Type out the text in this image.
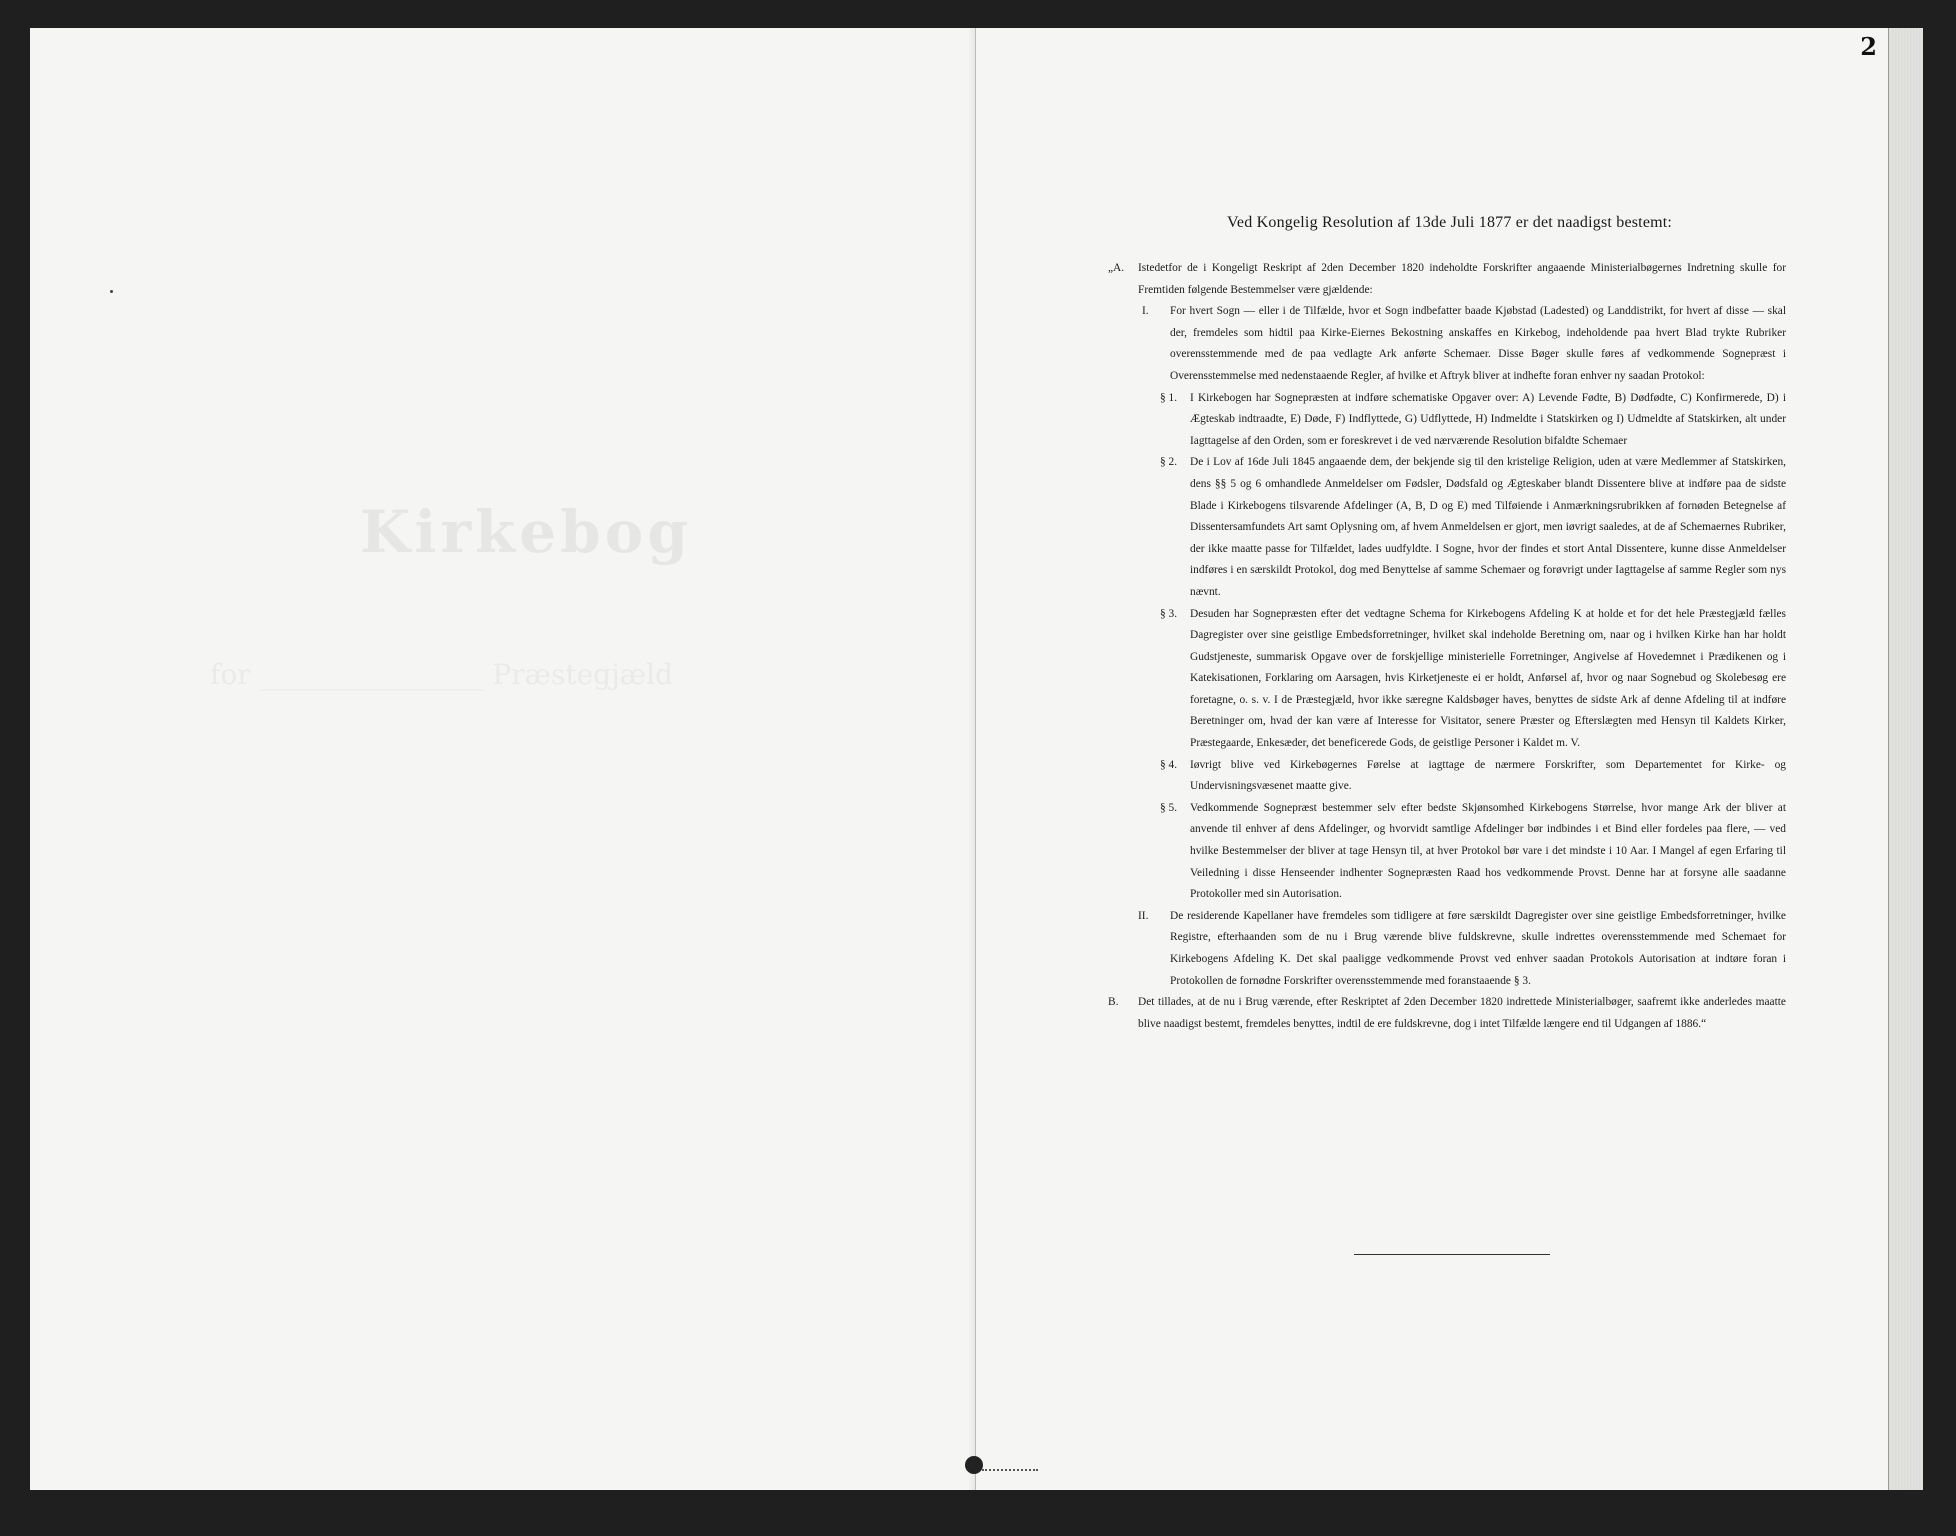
Kirkebog
for ________________ Præstegjæld
2
Ved Kongelig Resolution af 13de Juli 1877 er det naadigst bestemt:
„A. Istedetfor de i Kongeligt Reskript af 2den December 1820 indeholdte Forskrifter angaaende Ministerialbøgernes Indretning skulle for Fremtiden følgende Bestemmelser være gjældende:
I. For hvert Sogn — eller i de Tilfælde, hvor et Sogn indbefatter baade Kjøbstad (Ladested) og Landdistrikt, for hvert af disse — skal der, fremdeles som hidtil paa Kirke-Eiernes Bekostning anskaffes en Kirkebog, indeholdende paa hvert Blad trykte Rubriker overensstemmende med de paa vedlagte Ark anførte Schemaer. Disse Bøger skulle føres af vedkommende Sognepræst i Overensstemmelse med nedenstaaende Regler, af hvilke et Aftryk bliver at indhefte foran enhver ny saadan Protokol:
§ 1. I Kirkebogen har Sognepræsten at indføre schematiske Opgaver over: A) Levende Fødte, B) Dødfødte, C) Konfirmerede, D) i Ægteskab indtraadte, E) Døde, F) Indflyttede, G) Udflyttede, H) Indmeldte i Statskirken og I) Udmeldte af Statskirken, alt under Iagttagelse af den Orden, som er foreskrevet i de ved nærværende Resolution bifaldte Schemaer
§ 2. De i Lov af 16de Juli 1845 angaaende dem, der bekjende sig til den kristelige Religion, uden at være Medlemmer af Statskirken, dens §§ 5 og 6 omhandlede Anmeldelser om Fødsler, Dødsfald og Ægteskaber blandt Dissentere blive at indføre paa de sidste Blade i Kirkebogens tilsvarende Afdelinger (A, B, D og E) med Tilføiende i Anmærkningsrubrikken af fornøden Betegnelse af Dissentersamfundets Art samt Oplysning om, af hvem Anmeldelsen er gjort, men iøvrigt saaledes, at de af Schemaernes Rubriker, der ikke maatte passe for Tilfældet, lades uudfyldte. I Sogne, hvor der findes et stort Antal Dissentere, kunne disse Anmeldelser indføres i en særskildt Protokol, dog med Benyttelse af samme Schemaer og forøvrigt under Iagttagelse af samme Regler som nys nævnt.
§ 3. Desuden har Sognepræsten efter det vedtagne Schema for Kirkebogens Afdeling K at holde et for det hele Præstegjæld fælles Dagregister over sine geistlige Embedsforretninger, hvilket skal indeholde Beretning om, naar og i hvilken Kirke han har holdt Gudstjeneste, summarisk Opgave over de forskjellige ministerielle Forretninger, Angivelse af Hovedemnet i Prædikenen og i Katekisationen, Forklaring om Aarsagen, hvis Kirketjeneste ei er holdt, Anførsel af, hvor og naar Sognebud og Skolebesøg ere foretagne, o. s. v. I de Præstegjæld, hvor ikke særegne Kaldsbøger haves, benyttes de sidste Ark af denne Afdeling til at indføre Beretninger om, hvad der kan være af Interesse for Visitator, senere Præster og Efterslægten med Hensyn til Kaldets Kirker, Præstegaarde, Enkesæder, det beneficerede Gods, de geistlige Personer i Kaldet m. V.
§ 4. Iøvrigt blive ved Kirkebøgernes Førelse at iagttage de nærmere Forskrifter, som Departementet for Kirke- og Undervisningsvæsenet maatte give.
§ 5. Vedkommende Sognepræst bestemmer selv efter bedste Skjønsomhed Kirkebogens Størrelse, hvor mange Ark der bliver at anvende til enhver af dens Afdelinger, og hvorvidt samtlige Afdelinger bør indbindes i et Bind eller fordeles paa flere, — ved hvilke Bestemmelser der bliver at tage Hensyn til, at hver Protokol bør vare i det mindste i 10 Aar. I Mangel af egen Erfaring til Veiledning i disse Henseender indhenter Sognepræsten Raad hos vedkommende Provst. Denne har at forsyne alle saadanne Protokoller med sin Autorisation.
II. De residerende Kapellaner have fremdeles som tidligere at føre særskildt Dagregister over sine geistlige Embedsforretninger, hvilke Registre, efterhaanden som de nu i Brug værende blive fuldskrevne, skulle indrettes overensstemmende med Schemaet for Kirkebogens Afdeling K. Det skal paaligge vedkommende Provst ved enhver saadan Protokols Autorisation at indtøre foran i Protokollen de fornødne Forskrifter overensstemmende med foranstaaende § 3.
B. Det tillades, at de nu i Brug værende, efter Reskriptet af 2den December 1820 indrettede Ministerialbøger, saafremt ikke anderledes maatte blive naadigst bestemt, fremdeles benyttes, indtil de ere fuldskrevne, dog i intet Tilfælde længere end til Udgangen af 1886.“
